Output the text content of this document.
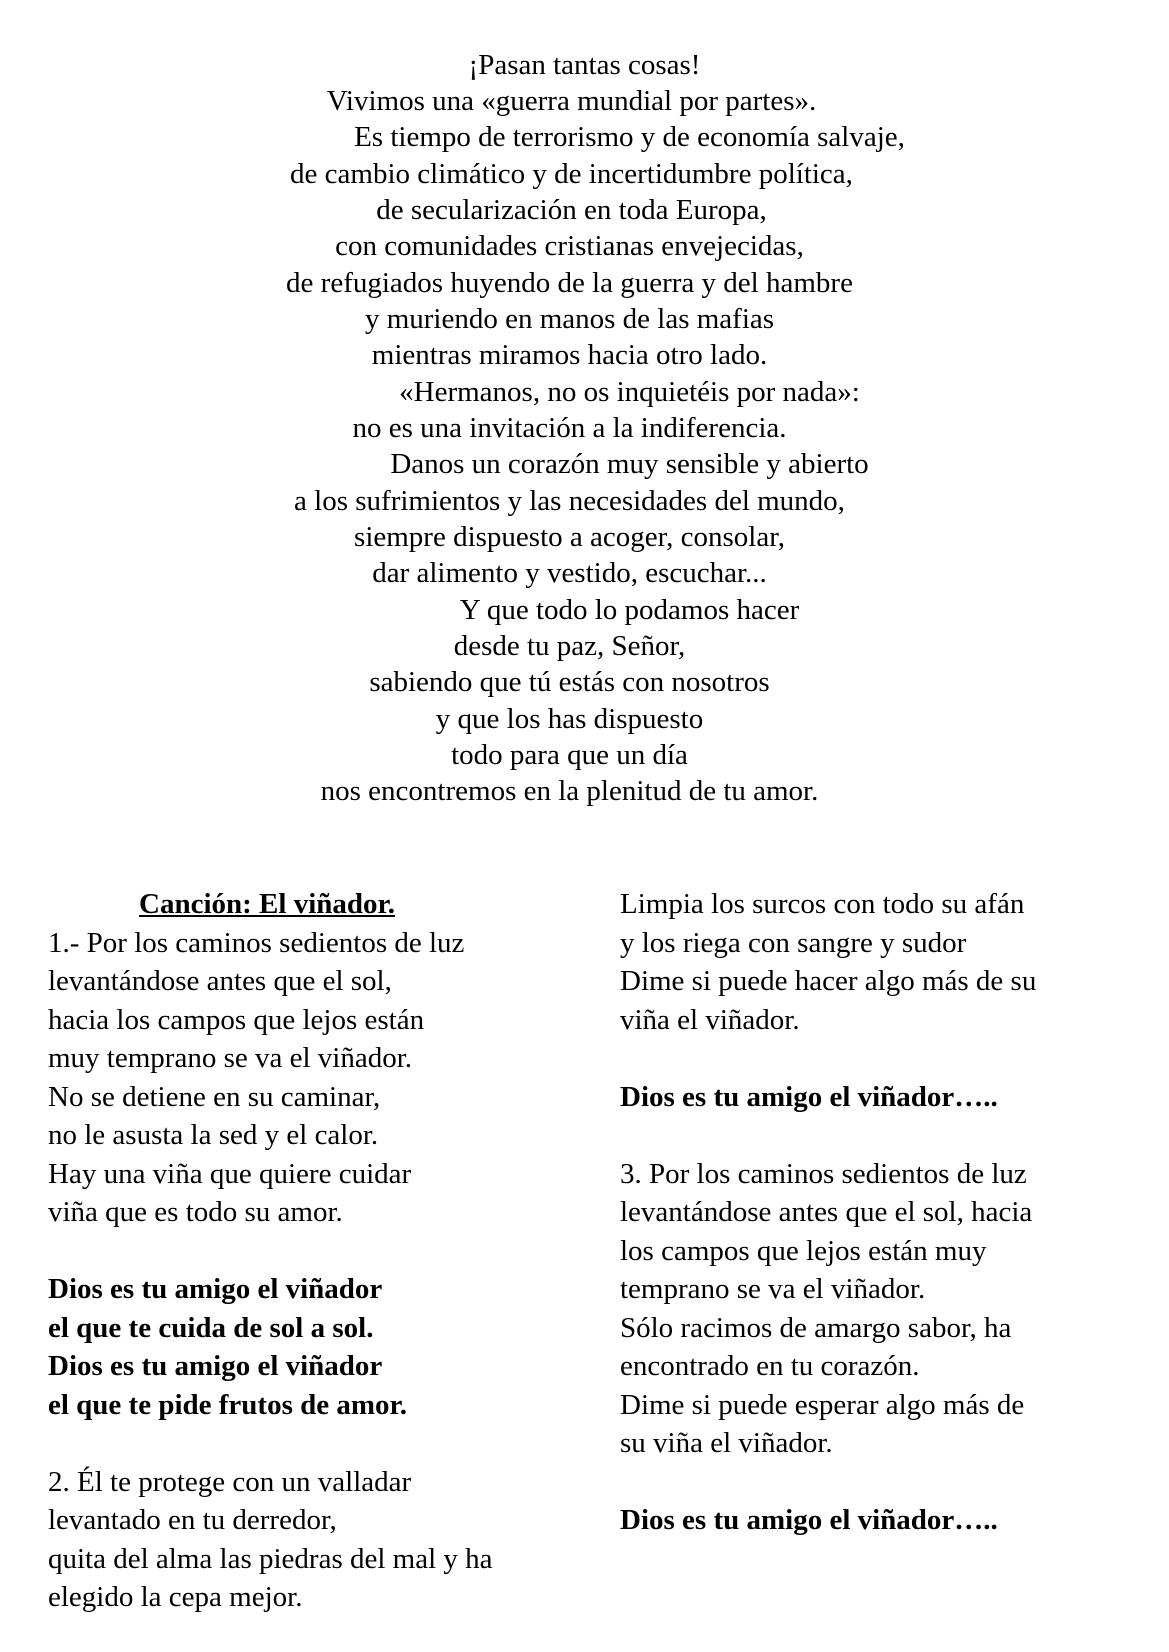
¡Pasan tantas cosas!
Vivimos una «guerra mundial por partes».
Es tiempo de terrorismo y de economía salvaje,
de cambio climático y de incertidumbre política,
de secularización en toda Europa,
con comunidades cristianas envejecidas,
de refugiados huyendo de la guerra y del hambre
y muriendo en manos de las mafias
mientras miramos hacia otro lado.
«Hermanos, no os inquietéis por nada»:
no es una invitación a la indiferencia.
Danos un corazón muy sensible y abierto
a los sufrimientos y las necesidades del mundo,
siempre dispuesto a acoger, consolar,
dar alimento y vestido, escuchar...
Y que todo lo podamos hacer
desde tu paz, Señor,
sabiendo que tú estás con nosotros
y que los has dispuesto
todo para que un día
nos encontremos en la plenitud de tu amor.
Canción: El viñador.
1.- Por los caminos sedientos de luz
levantándose antes que el sol,
hacia los campos que lejos están
muy temprano se va el viñador.
No se detiene en su caminar,
no le asusta la sed y el calor.
Hay una viña que quiere cuidar
viña que es todo su amor.
Dios es tu amigo el viñador
el que te cuida de sol a sol.
Dios es tu amigo el viñador
el que te pide frutos de amor.
2. Él te protege con un valladar
levantado en tu derredor,
quita del alma las piedras del mal y ha
elegido la cepa mejor.
Limpia los surcos con todo su afán
y los riega con sangre y sudor
Dime si puede hacer algo más de su
viña el viñador.
Dios es tu amigo el viñador…..
3. Por los caminos sedientos de luz
levantándose antes que el sol, hacia
los campos que lejos están muy
temprano se va el viñador.
Sólo racimos de amargo sabor, ha
encontrado en tu corazón.
Dime si puede esperar algo más de
su viña el viñador.
Dios es tu amigo el viñador…..
